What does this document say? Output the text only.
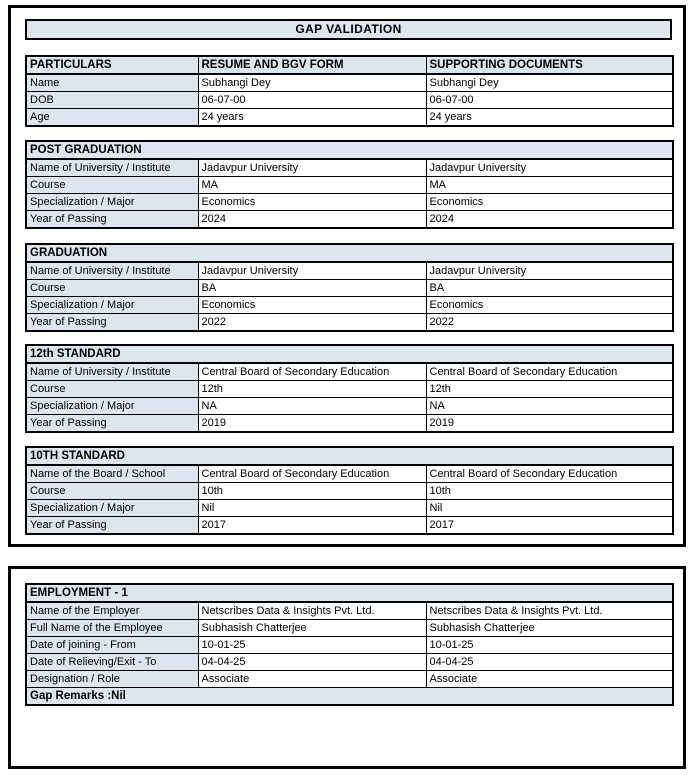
GAP VALIDATION
PARTICULARS	RESUME AND BGV FORM	SUPPORTING DOCUMENTS
Name	Subhangi Dey	Subhangi Dey
DOB	06-07-00	06-07-00
Age	24 years	24 years
POST GRADUATION		
Name of University / Institute	Jadavpur University	Jadavpur University
Course	MA	MA
Specialization / Major	Economics	Economics
Year of Passing	2024	2024
GRADUATION		
Name of University / Institute	Jadavpur University	Jadavpur University
Course	BA	BA
Specialization / Major	Economics	Economics
Year of Passing	2022	2022
12th STANDARD		
Name of University / Institute	Central Board of Secondary Education	Central Board of Secondary Education
Course	12th	12th
Specialization / Major	NA	NA
Year of Passing	2019	2019
10TH STANDARD		
Name of the Board / School	Central Board of Secondary Education	Central Board of Secondary Education
Course	10th	10th
Specialization / Major	Nil	Nil
Year of Passing	2017	2017
EMPLOYMENT - 1		
Name of the Employer	Netscribes Data & Insights Pvt. Ltd.	Netscribes Data & Insights Pvt. Ltd.
Full Name of the Employee	Subhasish Chatterjee	Subhasish Chatterjee
Date of joining - From	10-01-25	10-01-25
Date of Relieving/Exit - To	04-04-25	04-04-25
Designation / Role	Associate	Associate
Gap Remarks :Nil		
